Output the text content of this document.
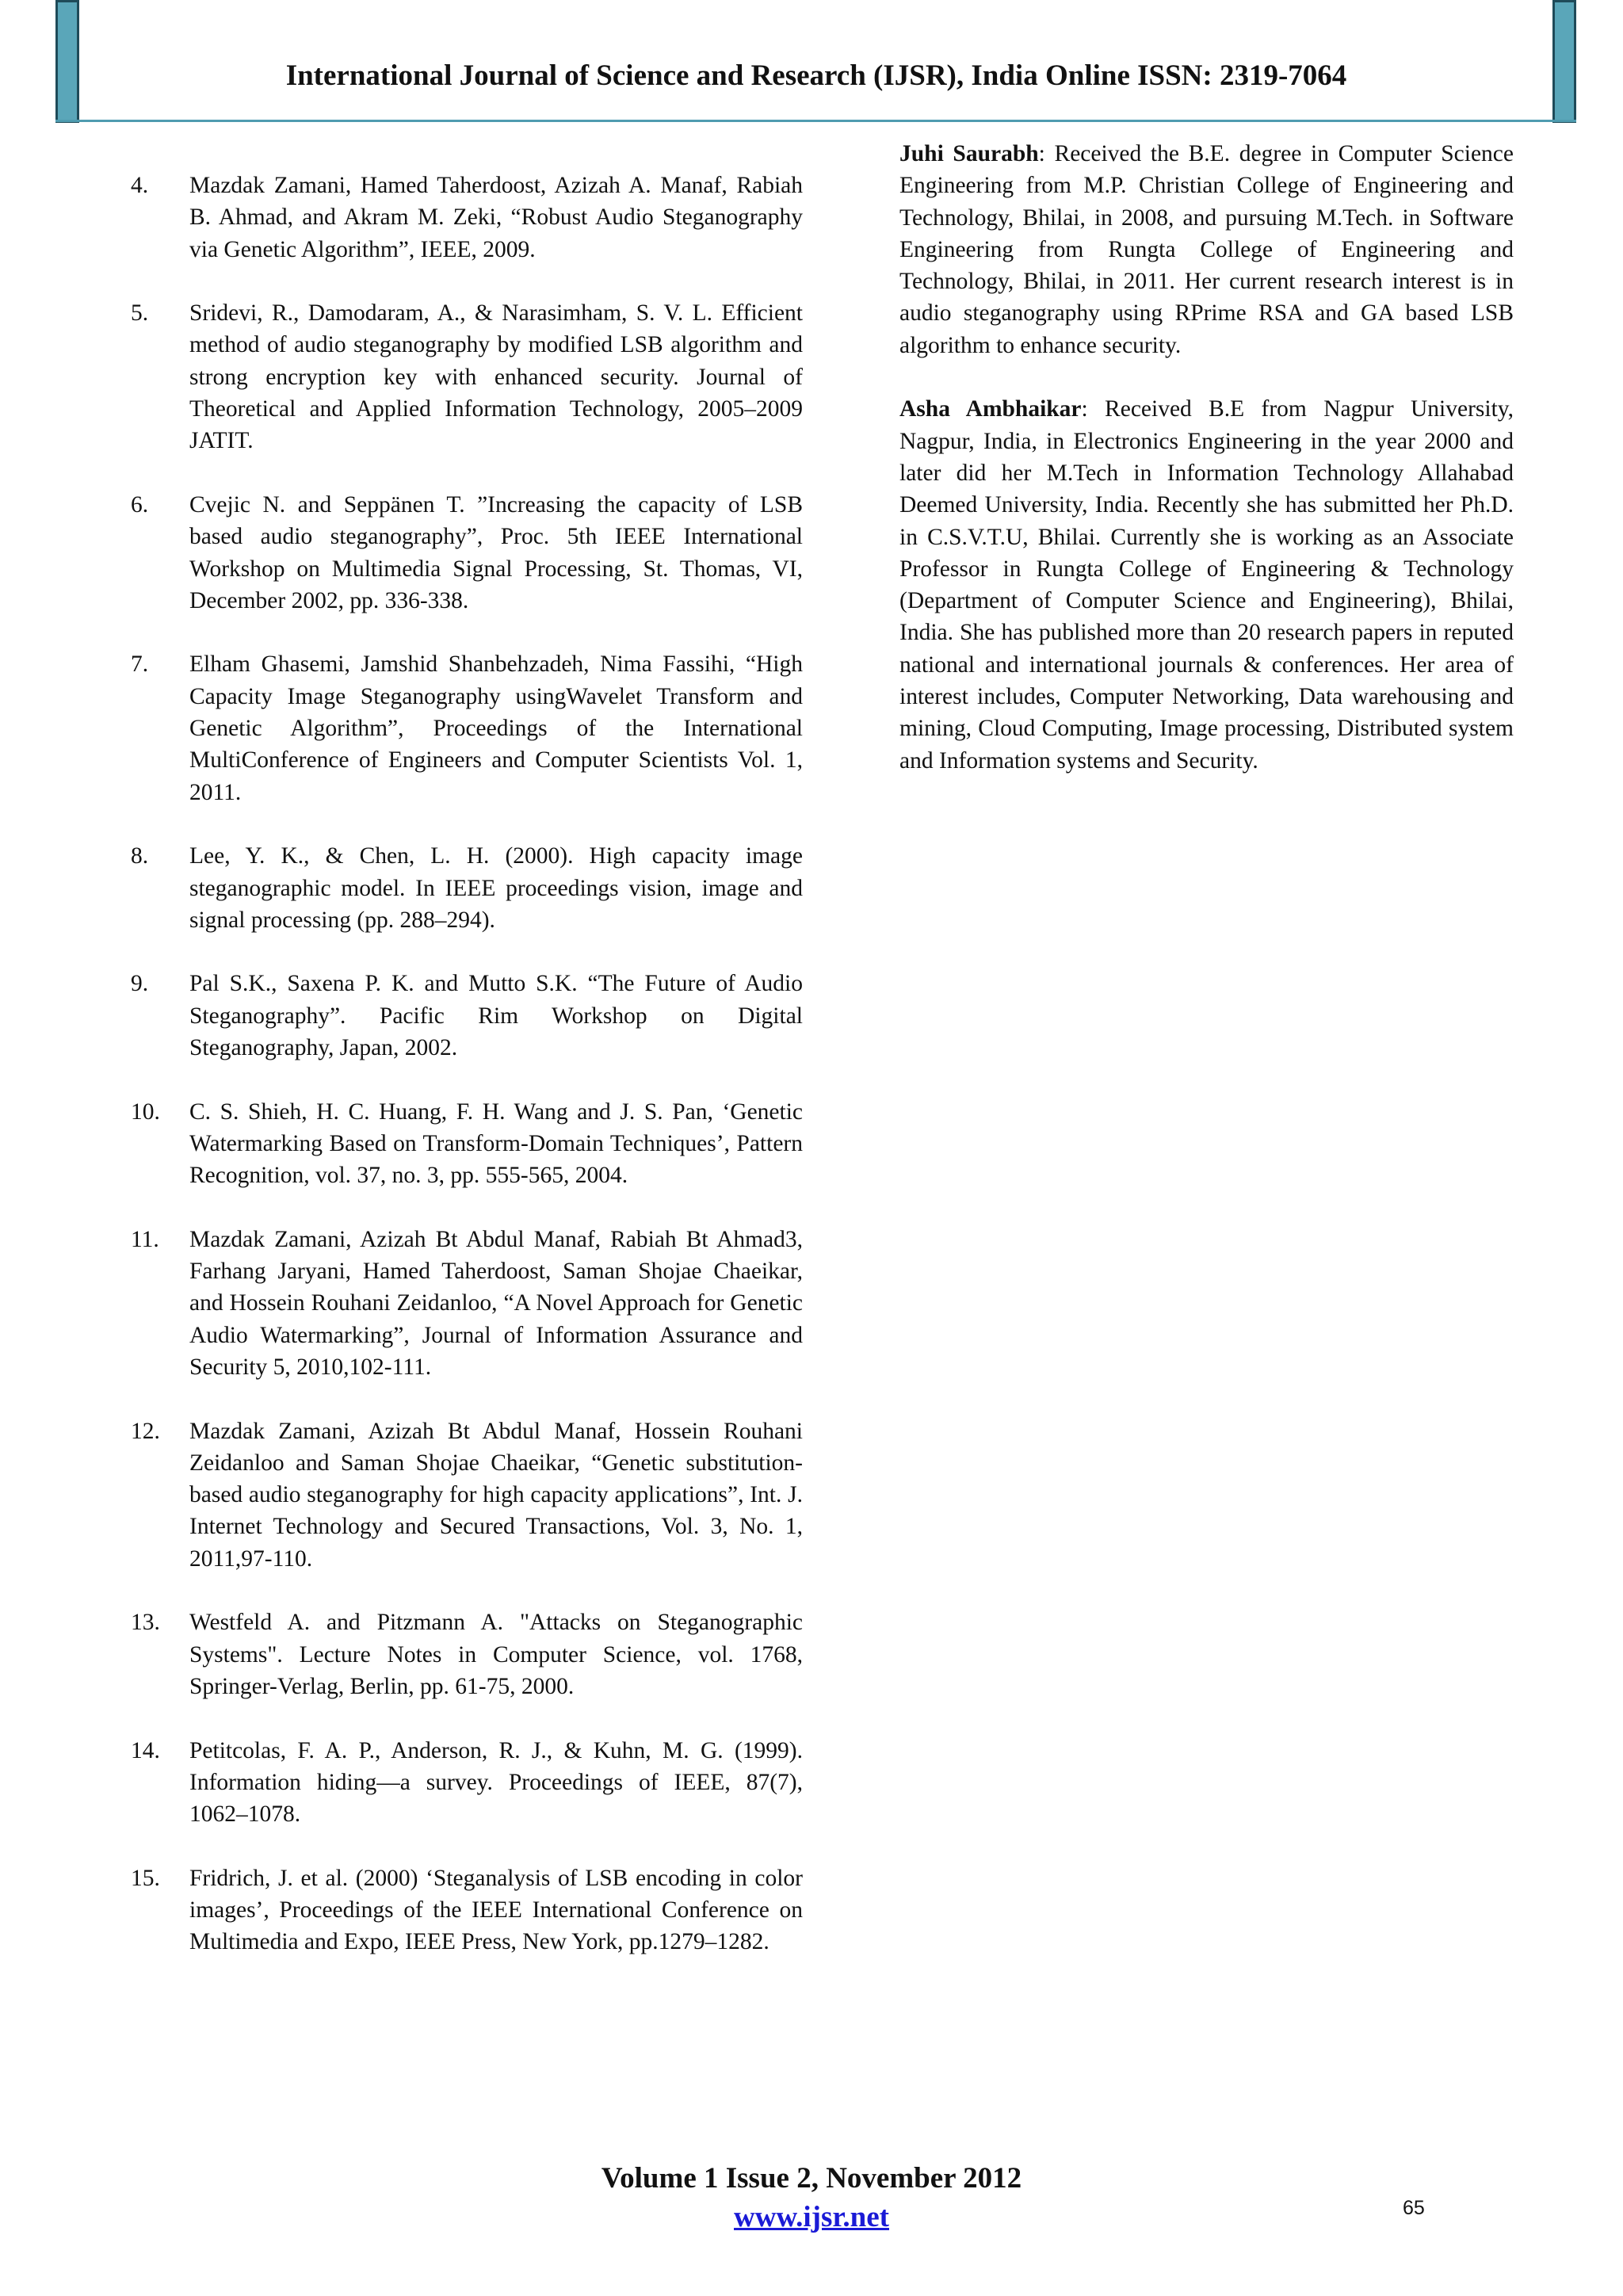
International Journal of Science and Research (IJSR), India Online ISSN: 2319-7064
4.	Mazdak Zamani, Hamed Taherdoost, Azizah A. Manaf, Rabiah B. Ahmad, and Akram M. Zeki, “Robust Audio Steganography via Genetic Algorithm”, IEEE, 2009.
5.	Sridevi, R., Damodaram, A., & Narasimham, S. V. L. Efficient method of audio steganography by modified LSB algorithm and strong encryption key with enhanced security. Journal of Theoretical and Applied Information Technology, 2005–2009 JATIT.
6.	Cvejic N. and Seppänen T. ”Increasing the capacity of LSB based audio steganography”, Proc. 5th IEEE International Workshop on Multimedia Signal Processing, St. Thomas, VI, December 2002, pp. 336-338.
7.	Elham Ghasemi, Jamshid Shanbehzadeh, Nima Fassihi, “High Capacity Image Steganography usingWavelet Transform and Genetic Algorithm”, Proceedings of the International MultiConference of Engineers and Computer Scientists Vol. 1, 2011.
8.	Lee, Y. K., & Chen, L. H. (2000). High capacity image steganographic model. In IEEE proceedings vision, image and signal processing (pp. 288–294).
9.	Pal S.K., Saxena P. K. and Mutto S.K. “The Future of Audio Steganography”. Pacific Rim Workshop on Digital Steganography, Japan, 2002.
10.	C. S. Shieh, H. C. Huang, F. H. Wang and J. S. Pan, ‘Genetic Watermarking Based on Transform-Domain Techniques’, Pattern Recognition, vol. 37, no. 3, pp. 555-565, 2004.
11.	Mazdak Zamani, Azizah Bt Abdul Manaf, Rabiah Bt Ahmad3, Farhang Jaryani, Hamed Taherdoost, Saman Shojae Chaeikar, and Hossein Rouhani Zeidanloo, “A Novel Approach for Genetic Audio Watermarking”, Journal of Information Assurance and Security 5, 2010,102-111.
12.	Mazdak Zamani, Azizah Bt Abdul Manaf, Hossein Rouhani Zeidanloo and Saman Shojae Chaeikar, “Genetic substitution-based audio steganography for high capacity applications”, Int. J. Internet Technology and Secured Transactions, Vol. 3, No. 1, 2011,97-110.
13.	Westfeld A. and Pitzmann A. "Attacks on Steganographic Systems". Lecture Notes in Computer Science, vol. 1768, Springer-Verlag, Berlin, pp. 61-75, 2000.
14.	Petitcolas, F. A. P., Anderson, R. J., & Kuhn, M. G. (1999). Information hiding—a survey. Proceedings of IEEE, 87(7), 1062–1078.
15.	Fridrich, J. et al. (2000) ‘Steganalysis of LSB encoding in color images’, Proceedings of the IEEE International Conference on Multimedia and Expo, IEEE Press, New York, pp.1279–1282.

Juhi Saurabh: Received the B.E. degree in Computer Science Engineering from M.P. Christian College of Engineering and Technology, Bhilai, in 2008, and pursuing M.Tech. in Software Engineering from Rungta College of Engineering and Technology, Bhilai, in 2011. Her current research interest is in audio steganography using RPrime RSA and GA based LSB algorithm to enhance security.

Asha Ambhaikar: Received B.E from Nagpur University, Nagpur, India, in Electronics Engineering in the year 2000 and later did her M.Tech in Information Technology Allahabad Deemed University, India. Recently she has submitted her Ph.D. in C.S.V.T.U, Bhilai. Currently she is working as an Associate Professor in Rungta College of Engineering & Technology (Department of Computer Science and Engineering), Bhilai, India. She has published more than 20 research papers in reputed national and international journals & conferences. Her area of interest includes, Computer Networking, Data warehousing and mining, Cloud Computing, Image processing, Distributed system and Information systems and Security.

Volume 1 Issue 2, November 2012
www.ijsr.net	65
